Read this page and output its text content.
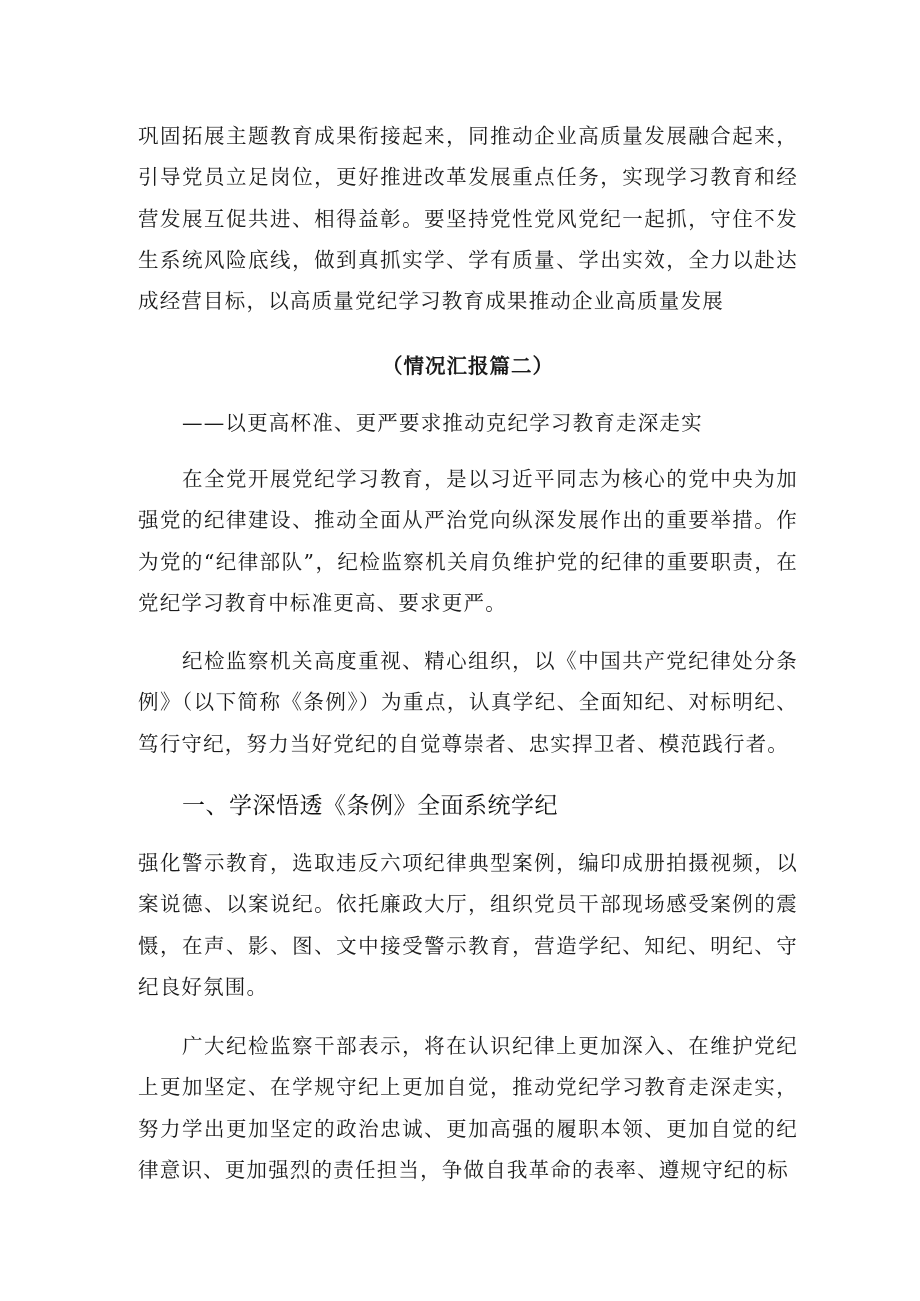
巩固拓展主题教育成果衔接起来，同推动企业高质量发展融合起来，引导党员立足岗位，更好推进改革发展重点任务，实现学习教育和经营发展互促共进、相得益彰。要坚持党性党风党纪一起抓，守住不发生系统风险底线，做到真抓实学、学有质量、学出实效，全力以赴达成经营目标，以高质量党纪学习教育成果推动企业高质量发展

（情况汇报篇二）

——以更高杯准、更严要求推动克纪学习教育走深走实

在全党开展党纪学习教育，是以习近平同志为核心的党中央为加强党的纪律建设、推动全面从严治党向纵深发展作出的重要举措。作为党的“纪律部队”，纪检监察机关肩负维护党的纪律的重要职责，在党纪学习教育中标准更高、要求更严。

纪检监察机关高度重视、精心组织，以《中国共产党纪律处分条例》（以下简称《条例》）为重点，认真学纪、全面知纪、对标明纪、笃行守纪，努力当好党纪的自觉尊崇者、忠实捍卫者、模范践行者。

一、学深悟透《条例》全面系统学纪

强化警示教育，选取违反六项纪律典型案例，编印成册拍摄视频，以案说德、以案说纪。依托廉政大厅，组织党员干部现场感受案例的震慑，在声、影、图、文中接受警示教育，营造学纪、知纪、明纪、守纪良好氛围。

广大纪检监察干部表示，将在认识纪律上更加深入、在维护党纪上更加坚定、在学规守纪上更加自觉，推动党纪学习教育走深走实，努力学出更加坚定的政治忠诚、更加高强的履职本领、更加自觉的纪律意识、更加强烈的责任担当，争做自我革命的表率、遵规守纪的标
